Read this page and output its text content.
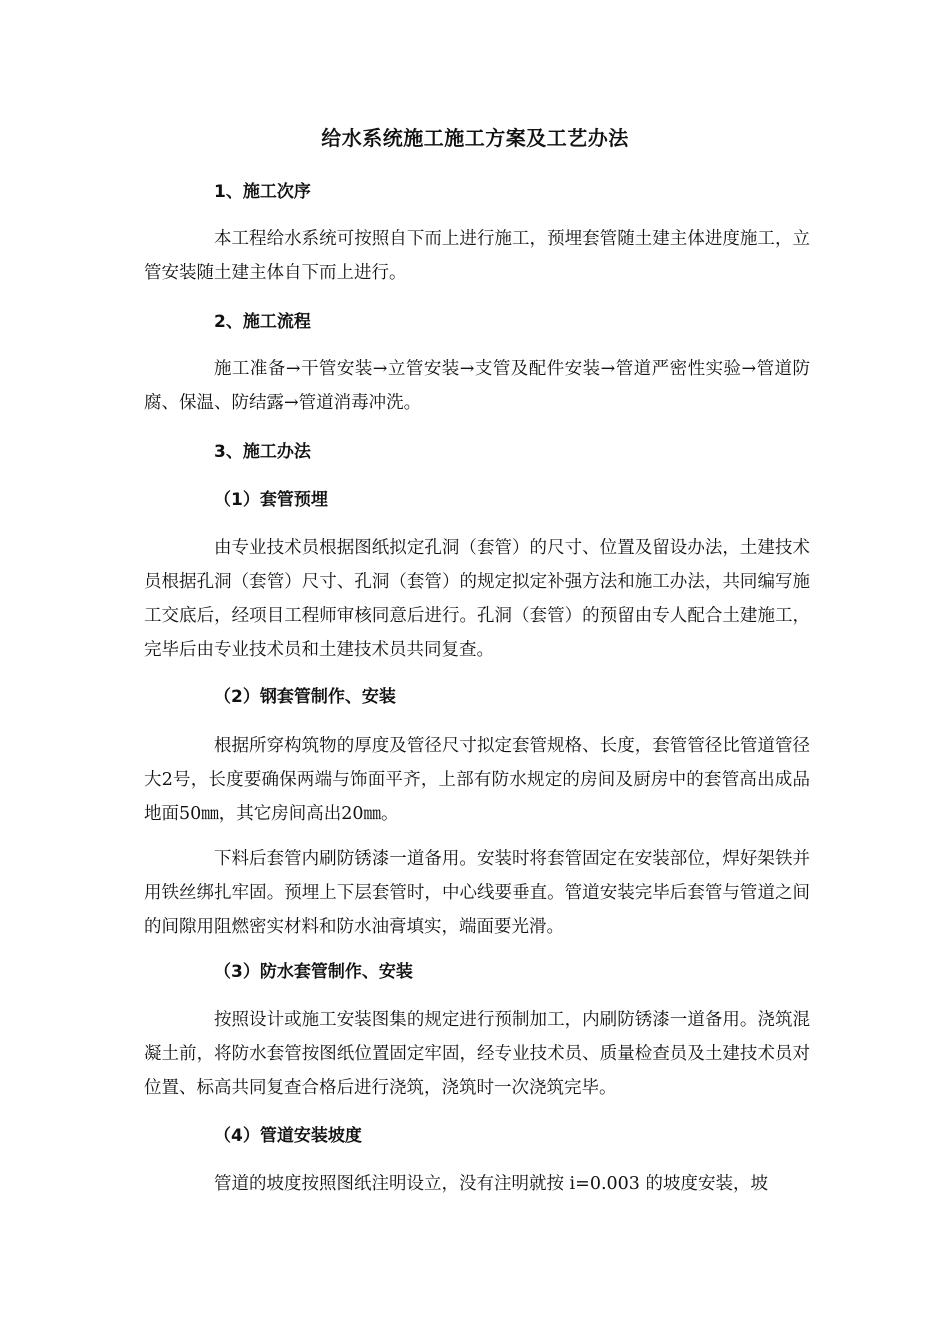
给水系统施工施工方案及工艺办法
1、施工次序
本工程给水系统可按照自下而上进行施工，预埋套管随土建主体进度施工，立管安装随土建主体自下而上进行。
2、施工流程
施工准备→干管安装→立管安装→支管及配件安装→管道严密性实验→管道防腐、保温、防结露→管道消毒冲洗。
3、施工办法
（1）套管预埋
由专业技术员根据图纸拟定孔洞（套管）的尺寸、位置及留设办法，土建技术员根据孔洞（套管）尺寸、孔洞（套管）的规定拟定补强方法和施工办法，共同编写施工交底后，经项目工程师审核同意后进行。孔洞（套管）的预留由专人配合土建施工，完毕后由专业技术员和土建技术员共同复查。
（2）钢套管制作、安装
根据所穿构筑物的厚度及管径尺寸拟定套管规格、长度，套管管径比管道管径大2号，长度要确保两端与饰面平齐，上部有防水规定的房间及厨房中的套管高出成品地面50㎜，其它房间高出20㎜。
下料后套管内刷防锈漆一道备用。安装时将套管固定在安装部位，焊好架铁并用铁丝绑扎牢固。预埋上下层套管时，中心线要垂直。管道安装完毕后套管与管道之间的间隙用阻燃密实材料和防水油膏填实，端面要光滑。
（3）防水套管制作、安装
按照设计或施工安装图集的规定进行预制加工，内刷防锈漆一道备用。浇筑混凝土前，将防水套管按图纸位置固定牢固，经专业技术员、质量检查员及土建技术员对位置、标高共同复查合格后进行浇筑，浇筑时一次浇筑完毕。
（4）管道安装坡度
管道的坡度按照图纸注明设立，没有注明就按 i=0.003 的坡度安装，坡
